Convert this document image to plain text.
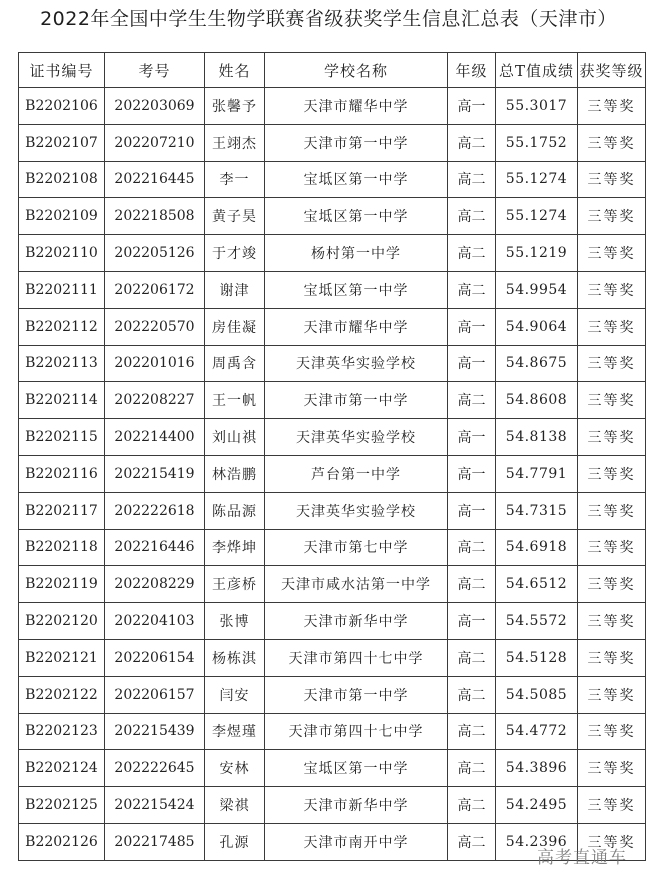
2022年全国中学生生物学联赛省级获奖学生信息汇总表（天津市）
证书编号	考号	姓名	学校名称	年级	总T值成绩	获奖等级
B2202106	202203069	张馨予	天津市耀华中学	高一	55.3017	三等奖
B2202107	202207210	王翊杰	天津市第一中学	高二	55.1752	三等奖
B2202108	202216445	李一	宝坻区第一中学	高二	55.1274	三等奖
B2202109	202218508	黄子昊	宝坻区第一中学	高二	55.1274	三等奖
B2202110	202205126	于才竣	杨村第一中学	高二	55.1219	三等奖
B2202111	202206172	谢津	宝坻区第一中学	高二	54.9954	三等奖
B2202112	202220570	房佳凝	天津市耀华中学	高一	54.9064	三等奖
B2202113	202201016	周禹含	天津英华实验学校	高一	54.8675	三等奖
B2202114	202208227	王一帆	天津市第一中学	高二	54.8608	三等奖
B2202115	202214400	刘山祺	天津英华实验学校	高一	54.8138	三等奖
B2202116	202215419	林浩鹏	芦台第一中学	高一	54.7791	三等奖
B2202117	202222618	陈品源	天津英华实验学校	高一	54.7315	三等奖
B2202118	202216446	李烨坤	天津市第七中学	高二	54.6918	三等奖
B2202119	202208229	王彦桥	天津市咸水沽第一中学	高二	54.6512	三等奖
B2202120	202204103	张博	天津市新华中学	高一	54.5572	三等奖
B2202121	202206154	杨栋淇	天津市第四十七中学	高二	54.5128	三等奖
B2202122	202206157	闫安	天津市第一中学	高二	54.5085	三等奖
B2202123	202215439	李煜瑾	天津市第四十七中学	高二	54.4772	三等奖
B2202124	202222645	安林	宝坻区第一中学	高二	54.3896	三等奖
B2202125	202215424	梁祺	天津市新华中学	高二	54.2495	三等奖
B2202126	202217485	孔源	天津市南开中学	高二	54.2396	三等奖
高考直通车
